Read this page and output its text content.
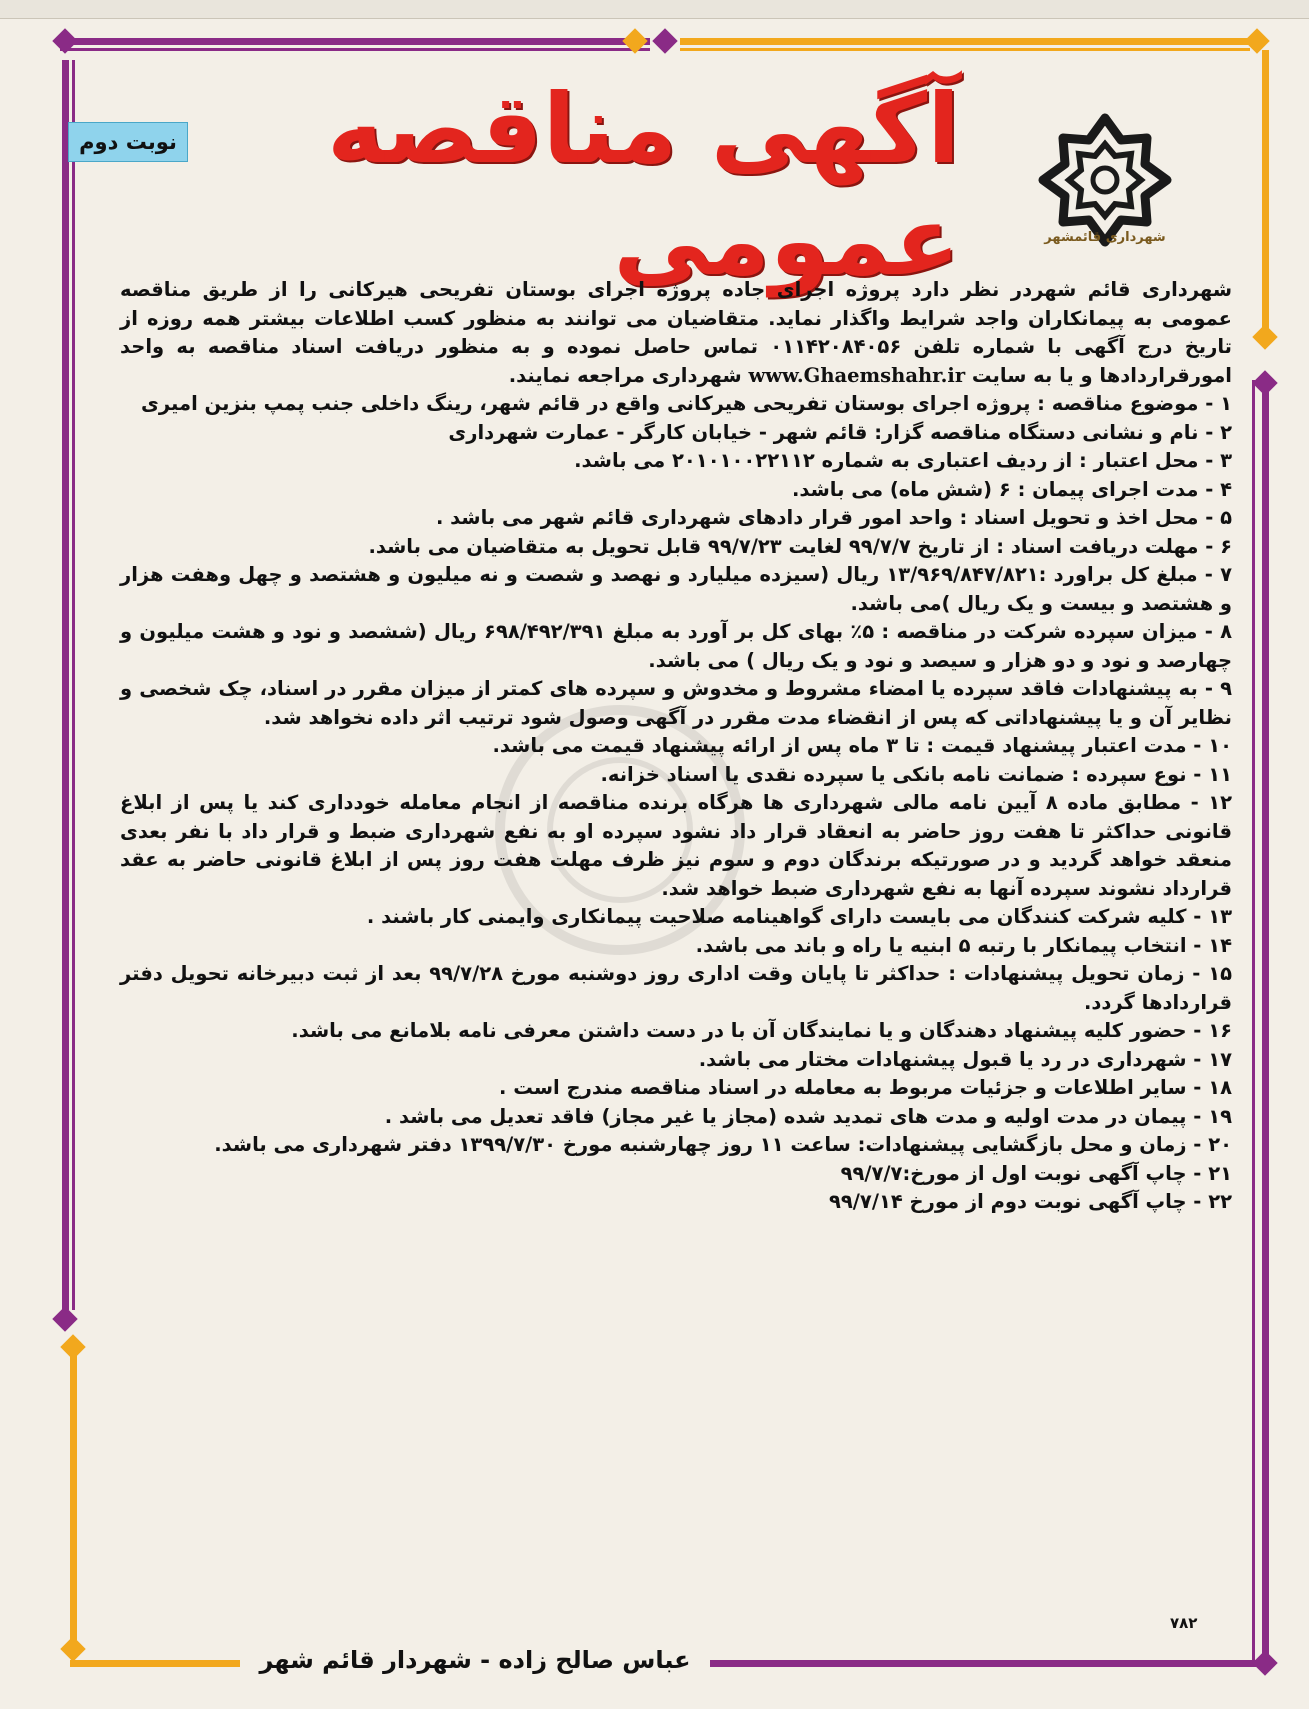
نوبت دوم	آگهی مناقصه عمومی	شهرداری قائمشهر

شهرداری قائم شهردر نظر دارد پروژه اجرای جاده پروژه اجرای بوستان تفریحی هیرکانی را از طریق مناقصه عمومی به پیمانکاران واجد شرایط واگذار نماید. متقاضیان می توانند به منظور کسب اطلاعات بیشتر همه روزه از تاریخ درج آگهی با شماره تلفن ۰۱۱۴۲۰۸۴۰۵۶ تماس حاصل نموده و به منظور دریافت اسناد مناقصه به واحد امورقراردادها و یا به سایت www.Ghaemshahr.ir شهرداری مراجعه نمایند.

۱ - موضوع مناقصه : پروژه اجرای بوستان تفریحی هیرکانی واقع در قائم شهر، رینگ داخلی جنب پمپ بنزین امیری

۲ - نام و نشانی دستگاه مناقصه گزار: قائم شهر - خیابان کارگر - عمارت شهرداری

۳ - محل اعتبار : از ردیف اعتباری به شماره ۲۰۱۰۱۰۰۲۲۱۱۲ می باشد.

۴ - مدت اجرای پیمان : ۶ (شش ماه) می باشد.

۵ - محل اخذ و تحویل اسناد : واحد امور قرار دادهای شهرداری قائم شهر می باشد .

۶ - مهلت دریافت اسناد : از تاریخ ۹۹/۷/۷ لغایت ۹۹/۷/۲۳ قابل تحویل به متقاضیان می باشد.

۷ - مبلغ کل براورد :۱۳/۹۶۹/۸۴۷/۸۲۱ ریال (سیزده میلیارد و نهصد و شصت و نه میلیون و هشتصد و چهل وهفت هزار و هشتصد و بیست و یک ریال )می باشد.

۸ - میزان سپرده شرکت در مناقصه : ۵٪ بهای کل بر آورد به مبلغ ۶۹۸/۴۹۲/۳۹۱ ریال (ششصد و نود و هشت میلیون و چهارصد و نود و دو هزار و سیصد و نود و یک ریال ) می باشد.

۹ - به پیشنهادات فاقد سپرده یا امضاء مشروط و مخدوش و سپرده های کمتر از میزان مقرر در اسناد، چک شخصی و نظایر آن و یا پیشنهاداتی که پس از انقضاء مدت مقرر در آگهی وصول شود ترتیب اثر داده نخواهد شد.

۱۰ - مدت اعتبار پیشنهاد قیمت : تا ۳ ماه پس از ارائه پیشنهاد قیمت می باشد.

۱۱ - نوع سپرده : ضمانت نامه بانکی یا سپرده نقدی یا اسناد خزانه.

۱۲ - مطابق ماده ۸ آیین نامه مالی شهرداری ها هرگاه برنده مناقصه از انجام معامله خودداری کند یا پس از ابلاغ قانونی حداکثر تا هفت روز حاضر به انعقاد قرار داد نشود سپرده او به نفع شهرداری ضبط و قرار داد با نفر بعدی منعقد خواهد گردید و در صورتیکه برندگان دوم و سوم نیز ظرف مهلت هفت روز پس از ابلاغ قانونی حاضر به عقد قرارداد نشوند سپرده آنها به نفع شهرداری ضبط خواهد شد.

۱۳ - کلیه شرکت کنندگان می بایست دارای گواهینامه صلاحیت پیمانکاری وایمنی کار باشند .

۱۴ - انتخاب پیمانکار با رتبه ۵ ابنیه یا راه و باند می باشد.

۱۵ - زمان تحویل پیشنهادات : حداکثر تا پایان وقت اداری روز دوشنبه مورخ ۹۹/۷/۲۸ بعد از ثبت دبیرخانه تحویل دفتر قراردادها گردد.

۱۶ - حضور کلیه پیشنهاد دهندگان و یا نمایندگان آن با در دست داشتن معرفی نامه بلامانع می باشد.

۱۷ - شهرداری در رد یا قبول پیشنهادات مختار می باشد.

۱۸ - سایر اطلاعات و جزئیات مربوط به معامله در اسناد مناقصه مندرج است .

۱۹ - پیمان در مدت اولیه و مدت های تمدید شده (مجاز یا غیر مجاز) فاقد تعدیل می باشد .

۲۰ - زمان و محل بازگشایی پیشنهادات: ساعت ۱۱ روز چهارشنبه مورخ ۱۳۹۹/۷/۳۰ دفتر شهرداری می باشد.

۲۱ - چاپ آگهی نوبت اول از مورخ:۹۹/۷/۷

۲۲ - چاپ آگهی نوبت دوم از مورخ ۹۹/۷/۱۴

۷۸۲
عباس صالح زاده - شهردار قائم شهر
